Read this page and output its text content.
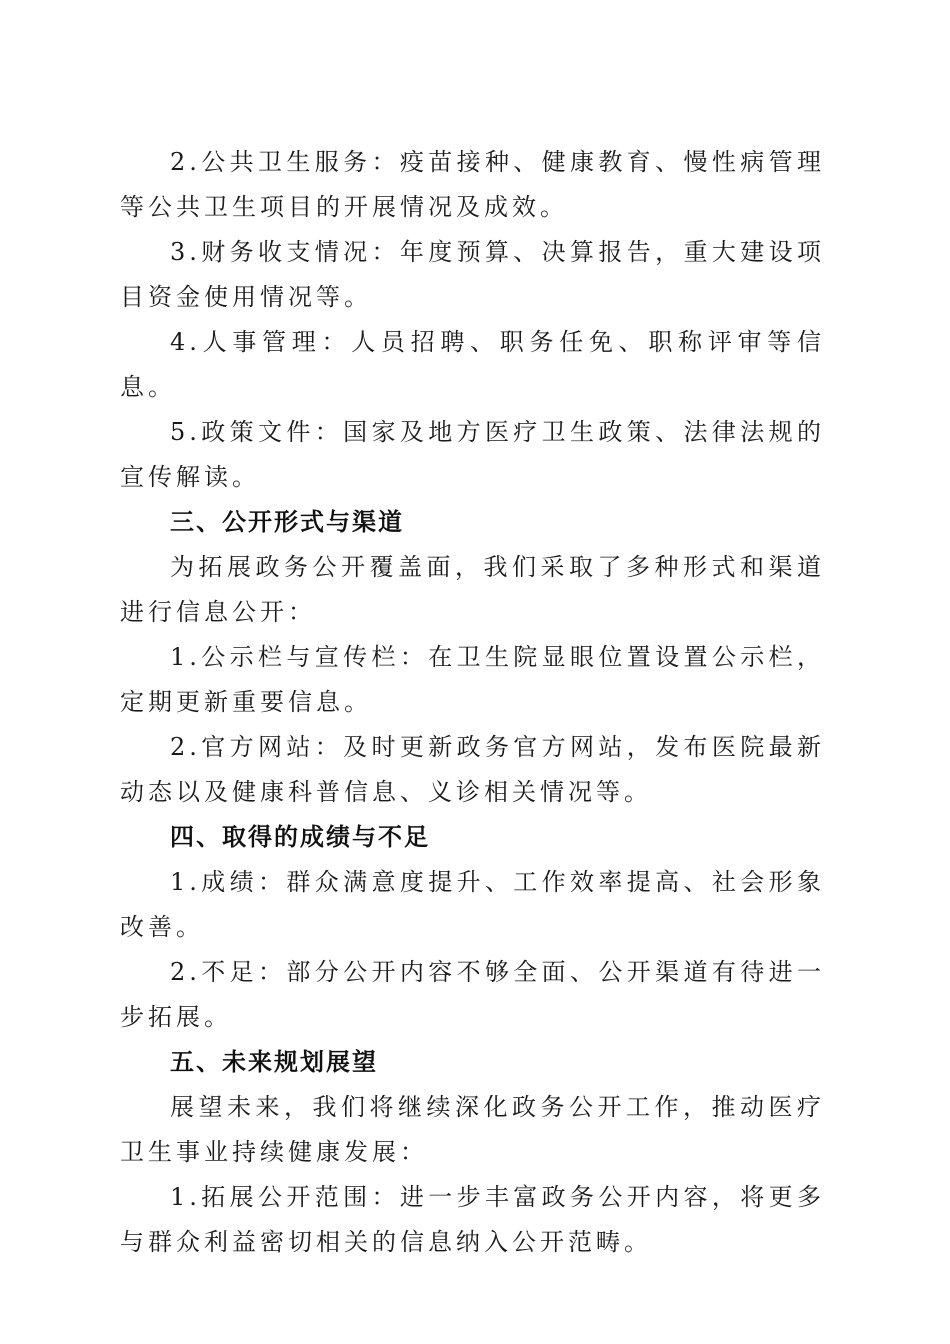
2.公共卫生服务：疫苗接种、健康教育、慢性病管理等公共卫生项目的开展情况及成效。

3.财务收支情况：年度预算、决算报告，重大建设项目资金使用情况等。

4.人事管理：人员招聘、职务任免、职称评审等信息。

5.政策文件：国家及地方医疗卫生政策、法律法规的宣传解读。

三、公开形式与渠道

为拓展政务公开覆盖面，我们采取了多种形式和渠道进行信息公开：

1.公示栏与宣传栏：在卫生院显眼位置设置公示栏，定期更新重要信息。

2.官方网站：及时更新政务官方网站，发布医院最新动态以及健康科普信息、义诊相关情况等。

四、取得的成绩与不足

1.成绩：群众满意度提升、工作效率提高、社会形象改善。

2.不足：部分公开内容不够全面、公开渠道有待进一步拓展。

五、未来规划展望

展望未来，我们将继续深化政务公开工作，推动医疗卫生事业持续健康发展：

1.拓展公开范围：进一步丰富政务公开内容，将更多与群众利益密切相关的信息纳入公开范畴。
